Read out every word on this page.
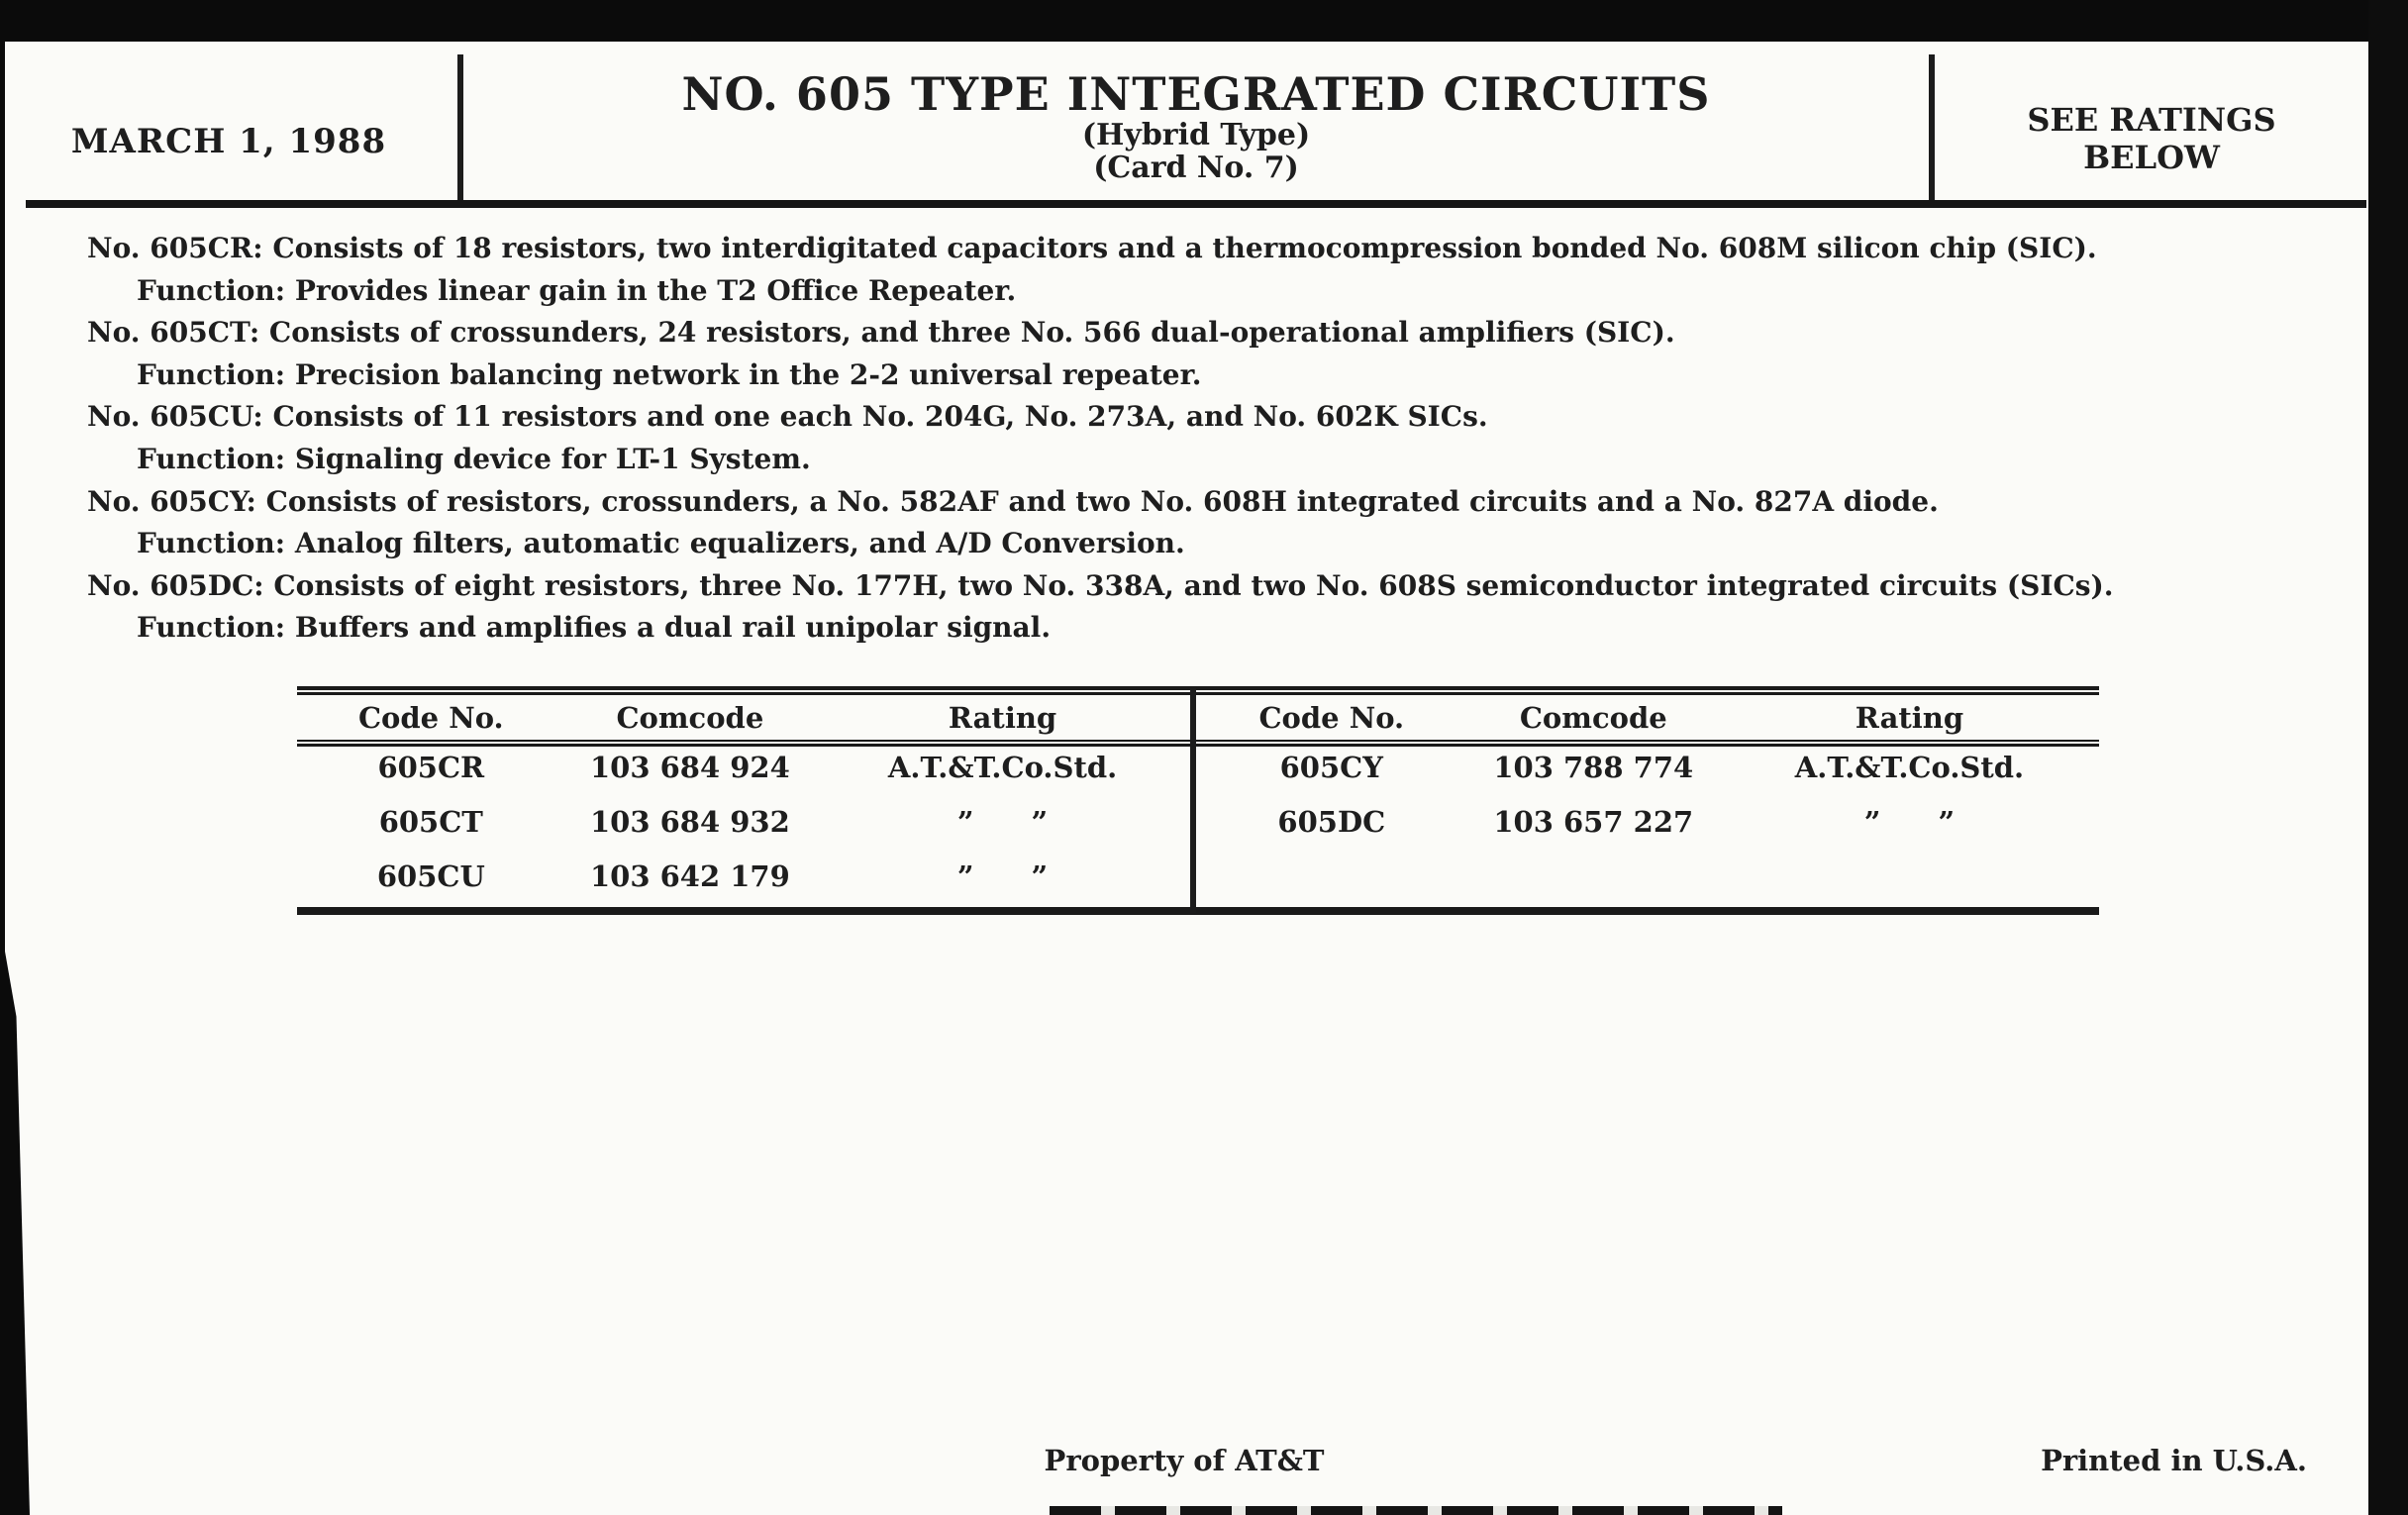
MARCH 1, 1988
NO. 605 TYPE INTEGRATED CIRCUITS
(Hybrid Type)
(Card No. 7)
SEE RATINGS
BELOW
No. 605CR: Consists of 18 resistors, two interdigitated capacitors and a thermocompression bonded No. 608M silicon chip (SIC).
Function: Provides linear gain in the T2 Office Repeater.
No. 605CT: Consists of crossunders, 24 resistors, and three No. 566 dual-operational amplifiers (SIC).
Function: Precision balancing network in the 2-2 universal repeater.
No. 605CU: Consists of 11 resistors and one each No. 204G, No. 273A, and No. 602K SICs.
Function: Signaling device for LT-1 System.
No. 605CY: Consists of resistors, crossunders, a No. 582AF and two No. 608H integrated circuits and a No. 827A diode.
Function: Analog filters, automatic equalizers, and A/D Conversion.
No. 605DC: Consists of eight resistors, three No. 177H, two No. 338A, and two No. 608S semiconductor integrated circuits (SICs).
Function: Buffers and amplifies a dual rail unipolar signal.
Code No.	Comcode	Rating
605CR	103 684 924	A.T.&T.Co.Std.
605CT	103 684 932	”  ”
605CU	103 642 179	”  ”
Code No.	Comcode	Rating
605CY	103 788 774	A.T.&T.Co.Std.
605DC	103 657 227	”  ”
Property of AT&T	Printed in U.S.A.
